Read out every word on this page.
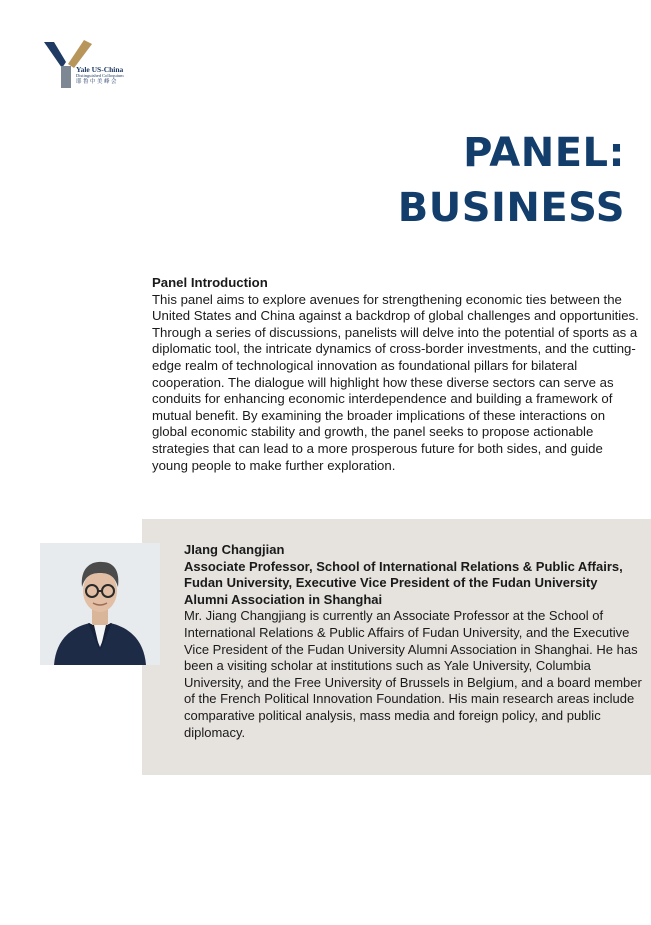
Yale US-China
Distinguished Colloquium
耶鲁中美峰会
PANEL:
BUSINESS
Panel Introduction

This panel aims to explore avenues for strengthening economic ties between the United States and China against a backdrop of global challenges and opportunities. Through a series of discussions, panelists will delve into the potential of sports as a diplomatic tool, the intricate dynamics of cross-border investments, and the cutting-edge realm of technological innovation as foundational pillars for bilateral cooperation. The dialogue will highlight how these diverse sectors can serve as conduits for enhancing economic interdependence and building a framework of mutual benefit. By examining the broader implications of these interactions on global economic stability and growth, the panel seeks to propose actionable strategies that can lead to a more prosperous future for both sides, and guide young people to make further exploration.

JIang Changjian
Associate Professor, School of International Relations & Public Affairs, Fudan University, Executive Vice President of the Fudan University Alumni Association in Shanghai

Mr. Jiang Changjiang is currently an Associate Professor at the School of International Relations & Public Affairs of Fudan University, and the Executive Vice President of the Fudan University Alumni Association in Shanghai. He has been a visiting scholar at institutions such as Yale University, Columbia University, and the Free University of Brussels in Belgium, and a board member of the French Political Innovation Foundation. His main research areas include comparative political analysis, mass media and foreign policy, and public diplomacy.
